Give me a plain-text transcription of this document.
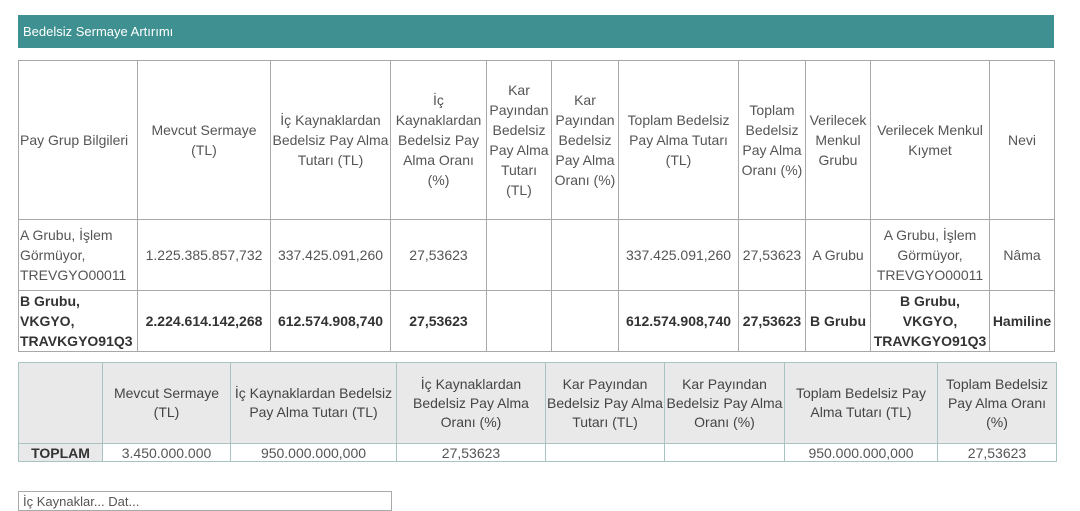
Bedelsiz Sermaye Artırımı
Pay Grup Bilgileri	Mevcut Sermaye (TL)	İç Kaynaklardan Bedelsiz Pay Alma Tutarı (TL)	İç Kaynaklardan Bedelsiz Pay Alma Oranı (%)	Kar Payından Bedelsiz Pay Alma Tutarı (TL)	Kar Payından Bedelsiz Pay Alma Oranı (%)	Toplam Bedelsiz Pay Alma Tutarı (TL)	Toplam Bedelsiz Pay Alma Oranı (%)	Verilecek Menkul Grubu	Verilecek Menkul Kıymet	Nevi
A Grubu, İşlem Görmüyor, TREVGYO00011	1.225.385.857,732	337.425.091,260	27,53623			337.425.091,260	27,53623	A Grubu	A Grubu, İşlem Görmüyor, TREVGYO00011	Nâma
B Grubu, VKGYO, TRAVKGYO91Q3	2.224.614.142,268	612.574.908,740	27,53623			612.574.908,740	27,53623	B Grubu	B Grubu, VKGYO, TRAVKGYO91Q3	Hamiline
	Mevcut Sermaye (TL)	İç Kaynaklardan Bedelsiz Pay Alma Tutarı (TL)	İç Kaynaklardan Bedelsiz Pay Alma Oranı (%)	Kar Payından Bedelsiz Pay Alma Tutarı (TL)	Kar Payından Bedelsiz Pay Alma Oranı (%)	Toplam Bedelsiz Pay Alma Tutarı (TL)	Toplam Bedelsiz Pay Alma Oranı (%)
TOPLAM	3.450.000.000	950.000.000,000	27,53623			950.000.000,000	27,53623
İç Kaynaklar... Dat...
